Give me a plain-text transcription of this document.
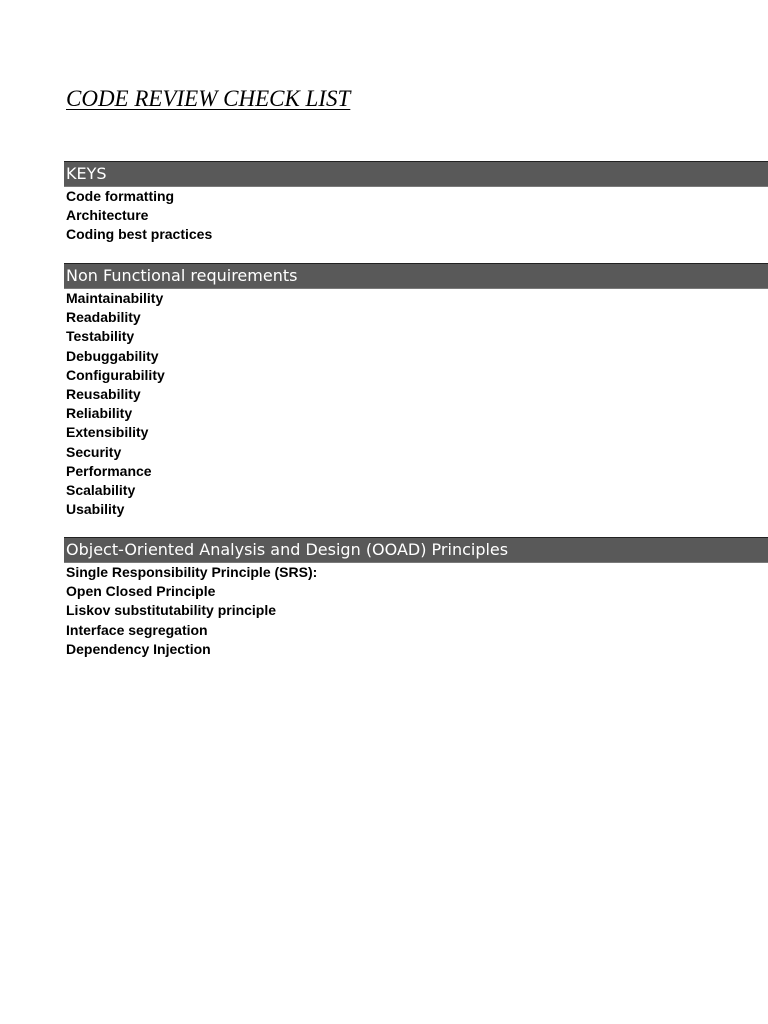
CODE REVIEW CHECK LIST
KEYS
Code formatting
Architecture
Coding best practices
Non Functional requirements
Maintainability
Readability
Testability
Debuggability
Configurability
Reusability
Reliability
Extensibility
Security
Performance
Scalability
Usability
Object-Oriented Analysis and Design (OOAD) Principles
Single Responsibility Principle (SRS):
Open Closed Principle
Liskov substitutability principle
Interface segregation
Dependency Injection
